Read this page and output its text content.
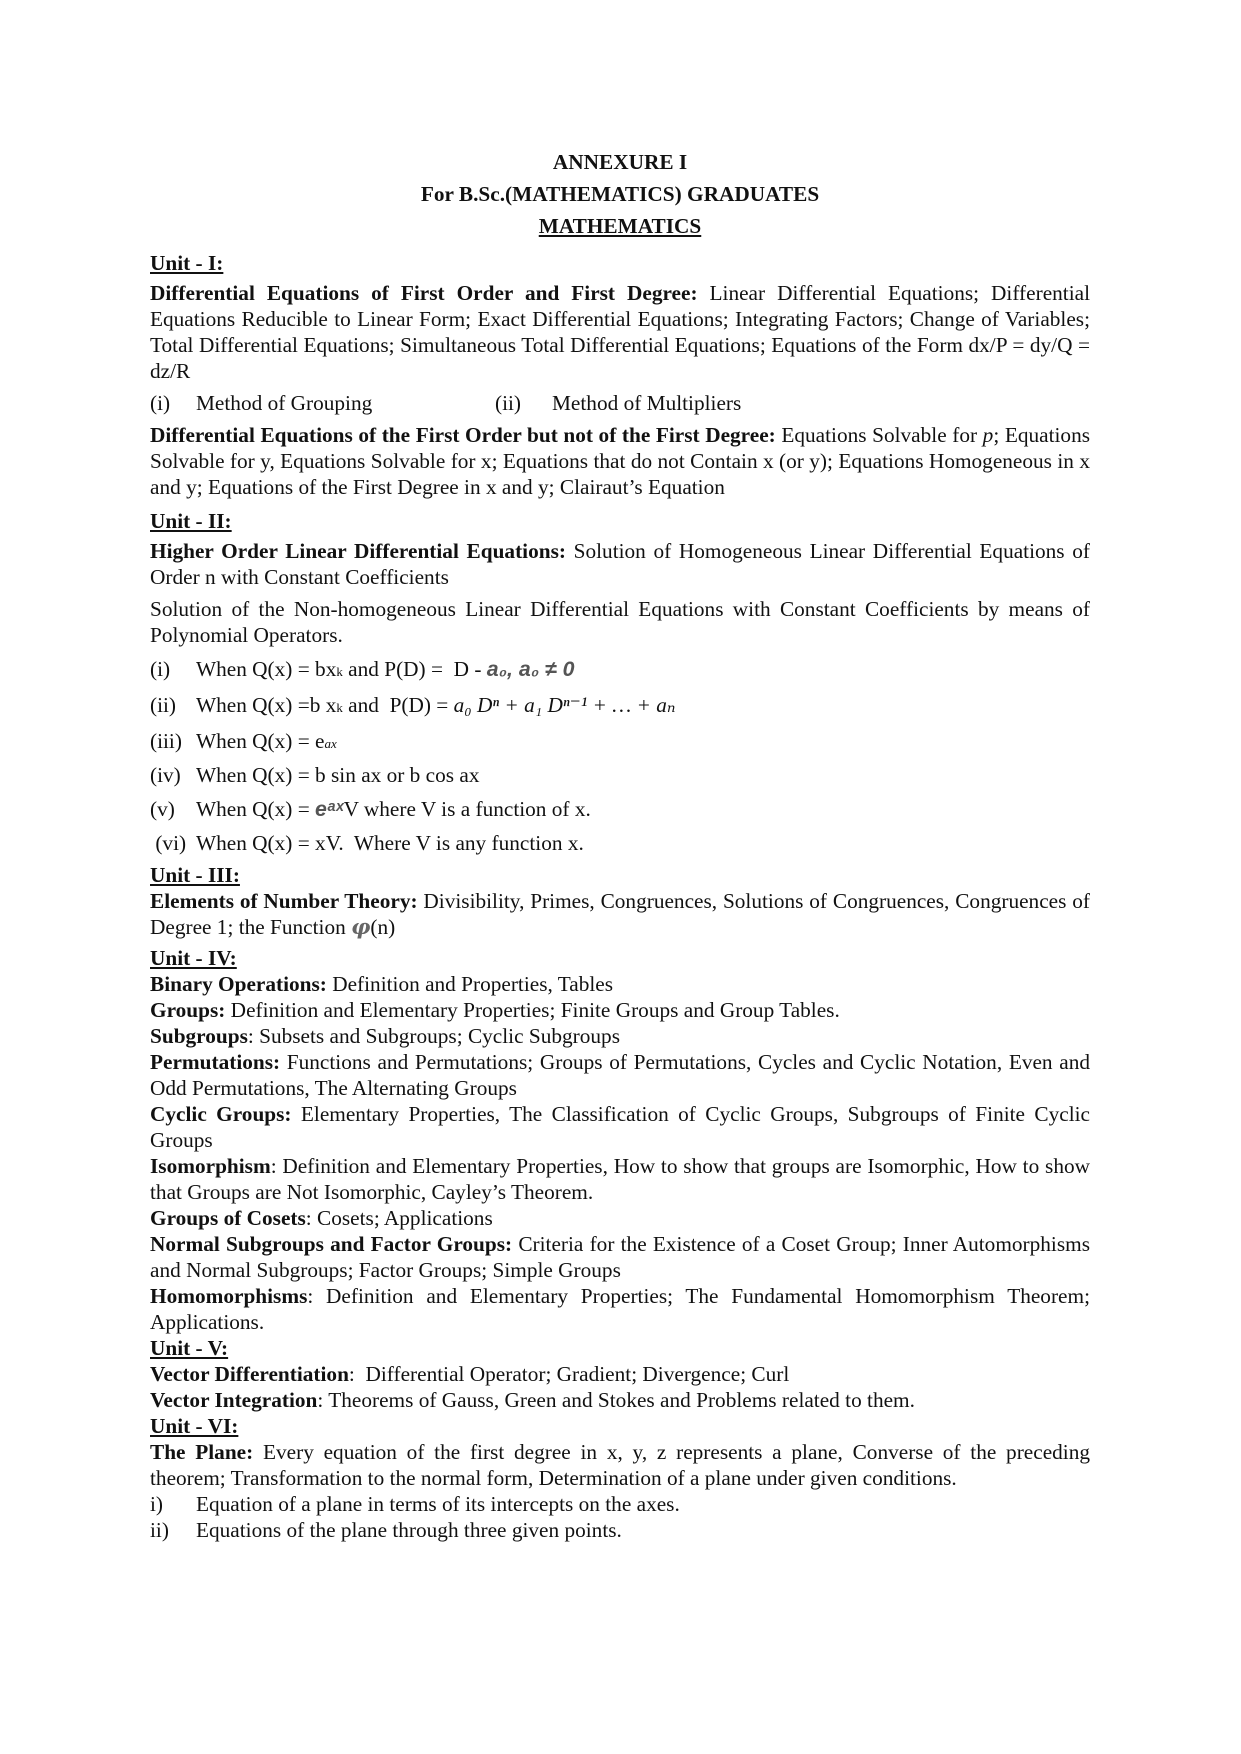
ANNEXURE I
For B.Sc.(MATHEMATICS) GRADUATES
MATHEMATICS
Unit - I:
Differential Equations of First Order and First Degree: Linear Differential Equations; Differential Equations Reducible to Linear Form; Exact Differential Equations; Integrating Factors; Change of Variables; Total Differential Equations; Simultaneous Total Differential Equations; Equations of the Form dx/P = dy/Q = dz/R
(i)	Method of Grouping	(ii) Method of Multipliers
Differential Equations of the First Order but not of the First Degree: Equations Solvable for p; Equations Solvable for y, Equations Solvable for x; Equations that do not Contain x (or y); Equations Homogeneous in x and y; Equations of the First Degree in x and y; Clairaut’s Equation
Unit - II:
Higher Order Linear Differential Equations: Solution of Homogeneous Linear Differential Equations of Order n with Constant Coefficients
Solution of the Non-homogeneous Linear Differential Equations with Constant Coefficients by means of Polynomial Operators.
(i)	When Q(x) = bx k and P(D) =  D - a₀, a₀ ≠ 0
(ii) When Q(x) =b x k and  P(D) = a₀ Dⁿ + a₁ Dⁿ⁻¹ + … + aₙ
(iii) When Q(x) = e ax
(iv) When Q(x) = b sin ax or b cos ax
(v) When Q(x) = eᵃˣ V where V is a function of x.
(vi) When Q(x) = xV.  Where V is any function x.
Unit - III:
Elements of Number Theory: Divisibility, Primes, Congruences, Solutions of Congruences, Congruences of Degree 1; the Function φ(n)
Unit - IV:
Binary Operations: Definition and Properties, Tables
Groups: Definition and Elementary Properties; Finite Groups and Group Tables.
Subgroups: Subsets and Subgroups; Cyclic Subgroups
Permutations: Functions and Permutations; Groups of Permutations, Cycles and Cyclic Notation, Even and Odd Permutations, The Alternating Groups
Cyclic Groups: Elementary Properties, The Classification of Cyclic Groups, Subgroups of Finite Cyclic Groups
Isomorphism: Definition and Elementary Properties, How to show that groups are Isomorphic, How to show that Groups are Not Isomorphic, Cayley’s Theorem.
Groups of Cosets: Cosets; Applications
Normal Subgroups and Factor Groups: Criteria for the Existence of a Coset Group; Inner Automorphisms and Normal Subgroups; Factor Groups; Simple Groups
Homomorphisms: Definition and Elementary Properties; The Fundamental Homomorphism Theorem; Applications.
Unit - V:
Vector Differentiation:  Differential Operator; Gradient; Divergence; Curl
Vector Integration: Theorems of Gauss, Green and Stokes and Problems related to them.
Unit - VI:
The Plane: Every equation of the first degree in x, y, z represents a plane, Converse of the preceding theorem; Transformation to the normal form, Determination of a plane under given conditions.
i)	Equation of a plane in terms of its intercepts on the axes.
ii)	Equations of the plane through three given points.
